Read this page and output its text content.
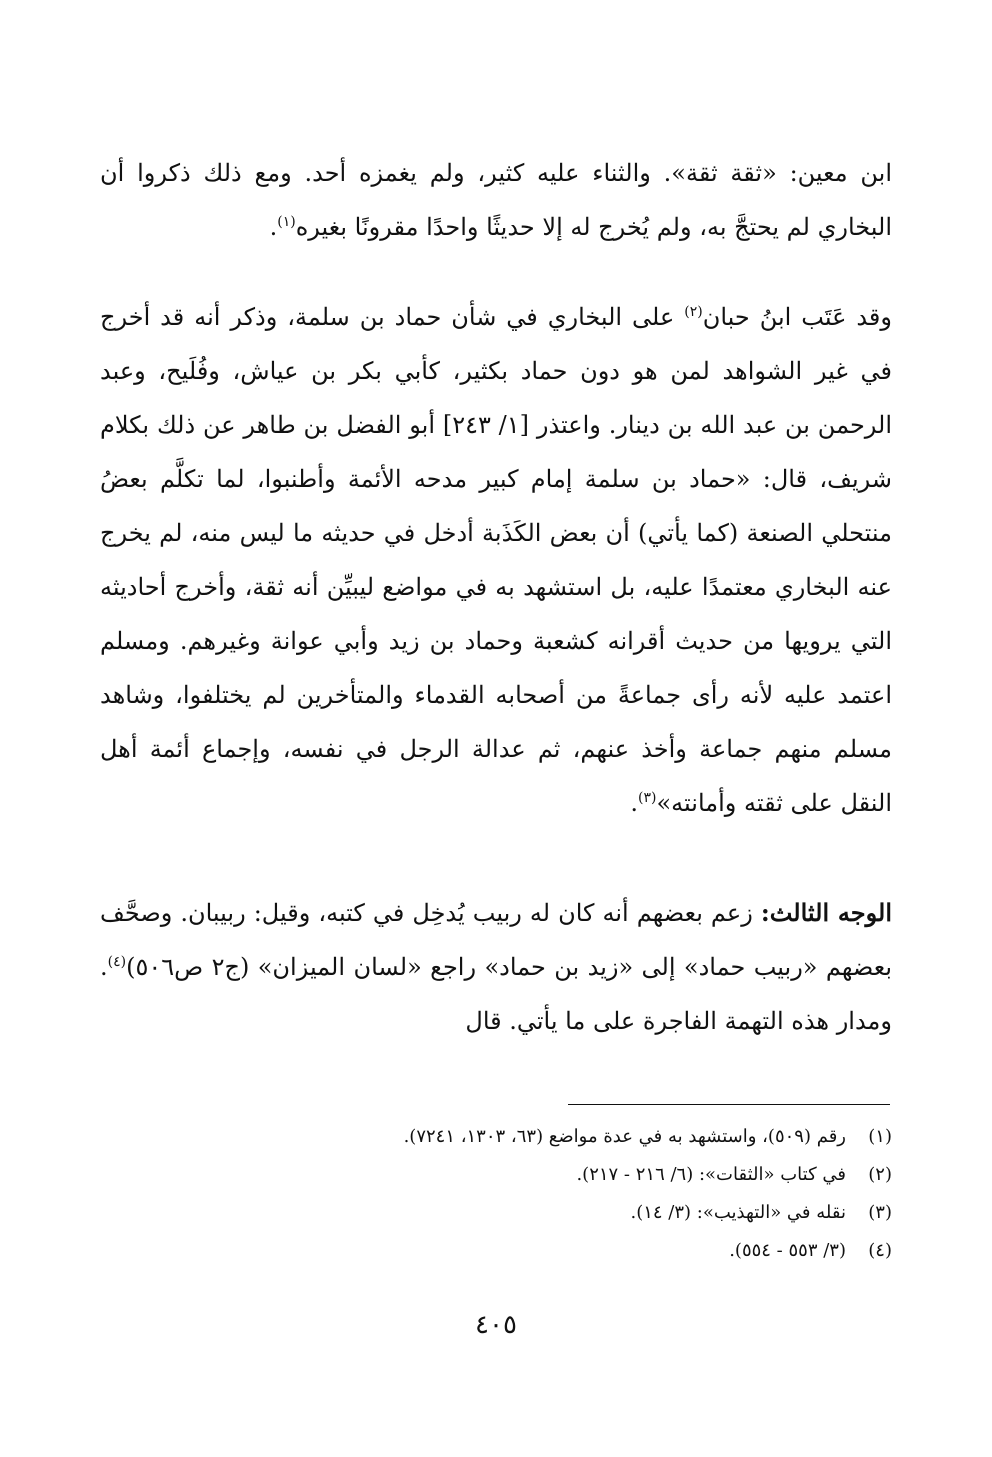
ابن معين: «ثقة ثقة». والثناء عليه كثير، ولم يغمزه أحد. ومع ذلك ذكروا أن البخاري لم يحتجَّ به، ولم يُخرج له إلا حديثًا واحدًا مقرونًا بغيره$^{(١)}$.

وقد عَتَب ابنُ حبان$^{(٢)}$ على البخاري في شأن حماد بن سلمة، وذكر أنه قد أخرج في غير الشواهد لمن هو دون حماد بكثير، كأبي بكر بن عياش، وفُلَيح، وعبد الرحمن بن عبد الله بن دينار. واعتذر [١/ ٢٤٣] أبو الفضل بن طاهر عن ذلك بكلام شريف، قال: «حماد بن سلمة إمام كبير مدحه الأئمة وأطنبوا، لما تكلَّم بعضُ منتحلي الصنعة (كما يأتي) أن بعض الكَذَبة أدخل في حديثه ما ليس منه، لم يخرج عنه البخاري معتمدًا عليه، بل استشهد به في مواضع ليبيِّن أنه ثقة، وأخرج أحاديثه التي يرويها من حديث أقرانه كشعبة وحماد بن زيد وأبي عوانة وغيرهم. ومسلم اعتمد عليه لأنه رأى جماعةً من أصحابه القدماء والمتأخرين لم يختلفوا، وشاهد مسلم منهم جماعة وأخذ عنهم، ثم عدالة الرجل في نفسه، وإجماع أئمة أهل النقل على ثقته وأمانته»$^{(٣)}$.

الوجه الثالث: زعم بعضهم أنه كان له ربيب يُدخِل في كتبه، وقيل: ربيبان. وصحَّف بعضهم «ربيب حماد» إلى «زيد بن حماد» راجع «لسان الميزان» (ج٢ ص٥٠٦)$^{(٤)}$. ومدار هذه التهمة الفاجرة على ما يأتي. قال

(١)رقم (٥٠٩)، واستشهد به في عدة مواضع (٦٣، ١٣٠٣، ٧٢٤١).
(٢)في كتاب «الثقات»: (٦/ ٢١٦ - ٢١٧).
(٣)نقله في «التهذيب»: (٣/ ١٤).
(٤)(٣/ ٥٥٣ - ٥٥٤).
٤٠٥
